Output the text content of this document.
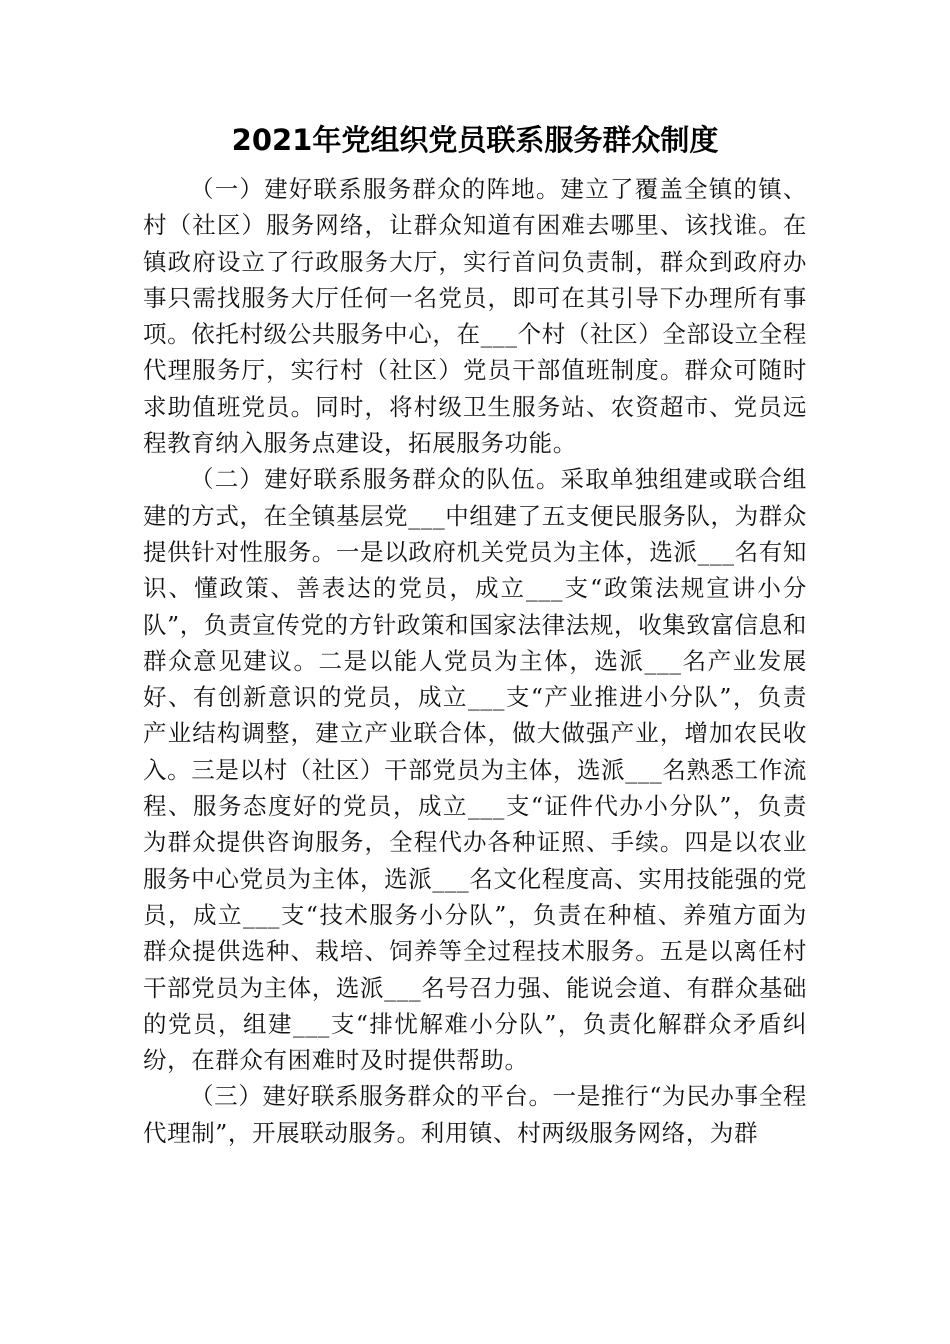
2021年党组织党员联系服务群众制度

（一）建好联系服务群众的阵地。建立了覆盖全镇的镇、村（社区）服务网络，让群众知道有困难去哪里、该找谁。在镇政府设立了行政服务大厅，实行首问负责制，群众到政府办事只需找服务大厅任何一名党员，即可在其引导下办理所有事项。依托村级公共服务中心，在___个村（社区）全部设立全程代理服务厅，实行村（社区）党员干部值班制度。群众可随时求助值班党员。同时，将村级卫生服务站、农资超市、党员远程教育纳入服务点建设，拓展服务功能。

（二）建好联系服务群众的队伍。采取单独组建或联合组建的方式，在全镇基层党___中组建了五支便民服务队，为群众提供针对性服务。一是以政府机关党员为主体，选派___名有知识、懂政策、善表达的党员，成立___支“政策法规宣讲小分队”，负责宣传党的方针政策和国家法律法规，收集致富信息和群众意见建议。二是以能人党员为主体，选派___名产业发展好、有创新意识的党员，成立___支“产业推进小分队”，负责产业结构调整，建立产业联合体，做大做强产业，增加农民收入。三是以村（社区）干部党员为主体，选派___名熟悉工作流程、服务态度好的党员，成立___支“证件代办小分队”，负责为群众提供咨询服务，全程代办各种证照、手续。四是以农业服务中心党员为主体，选派___名文化程度高、实用技能强的党员，成立___支“技术服务小分队”，负责在种植、养殖方面为群众提供选种、栽培、饲养等全过程技术服务。五是以离任村干部党员为主体，选派___名号召力强、能说会道、有群众基础的党员，组建___支“排忧解难小分队”，负责化解群众矛盾纠纷，在群众有困难时及时提供帮助。

（三）建好联系服务群众的平台。一是推行“为民办事全程代理制”，开展联动服务。利用镇、村两级服务网络，为群
